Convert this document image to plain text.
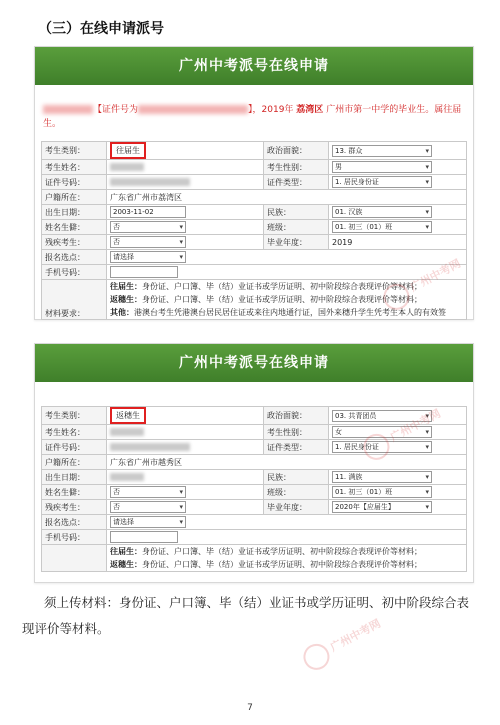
（三）在线申请派号
广州中考派号在线申请
【证件号为	】，2019年 荔湾区 广州市第一中学的毕业生。属往届生。
考生类别：	往届生	政治面貌：	13. 群众 ▾
考生姓名：		考生性别：	男 ▾
证件号码：		证件类型：	1. 居民身份证 ▾
户籍所在：	广东省广州市荔湾区		
出生日期：	2003-11-02	民族：	01. 汉族 ▾
姓名生僻：	否 ▾	班级：	01. 初三（01）班 ▾
残疾考生：	否 ▾	毕业年度：	2019
报名选点：	请选择 ▾
手机号码：			
材料要求：	往届生：身份证、户口簿、毕（结）业证书或学历证明、初中阶段综合表现评价等材料；
返穗生：身份证、户口簿、毕（结）业证书或学历证明、初中阶段综合表现评价等材料；
其他：港澳台考生凭港澳台居民居住证或来往内地通行证，国外来穗升学生凭考生本人的有效签		
广州中考派号在线申请
考生类别：	返穗生	政治面貌：	03. 共青团员 ▾
考生姓名：		考生性别：	女 ▾
证件号码：		证件类型：	1. 居民身份证 ▾
户籍所在：	广东省广州市越秀区		
出生日期：		民族：	11. 满族 ▾
姓名生僻：	否 ▾	班级：	01. 初三（01）班 ▾
残疾考生：	否 ▾	毕业年度：	2020年【应届生】 ▾
报名选点：	请选择 ▾
手机号码：			

	往届生：身份证、户口簿、毕（结）业证书或学历证明、初中阶段综合表现评价等材料；
返穗生：身份证、户口簿、毕（结）业证书或学历证明、初中阶段综合表现评价等材料；		
广州中考网
广州中考网
广州中考网
须上传材料：身份证、户口簿、毕（结）业证书或学历证明、初中阶段综合表现评价等材料。
7
